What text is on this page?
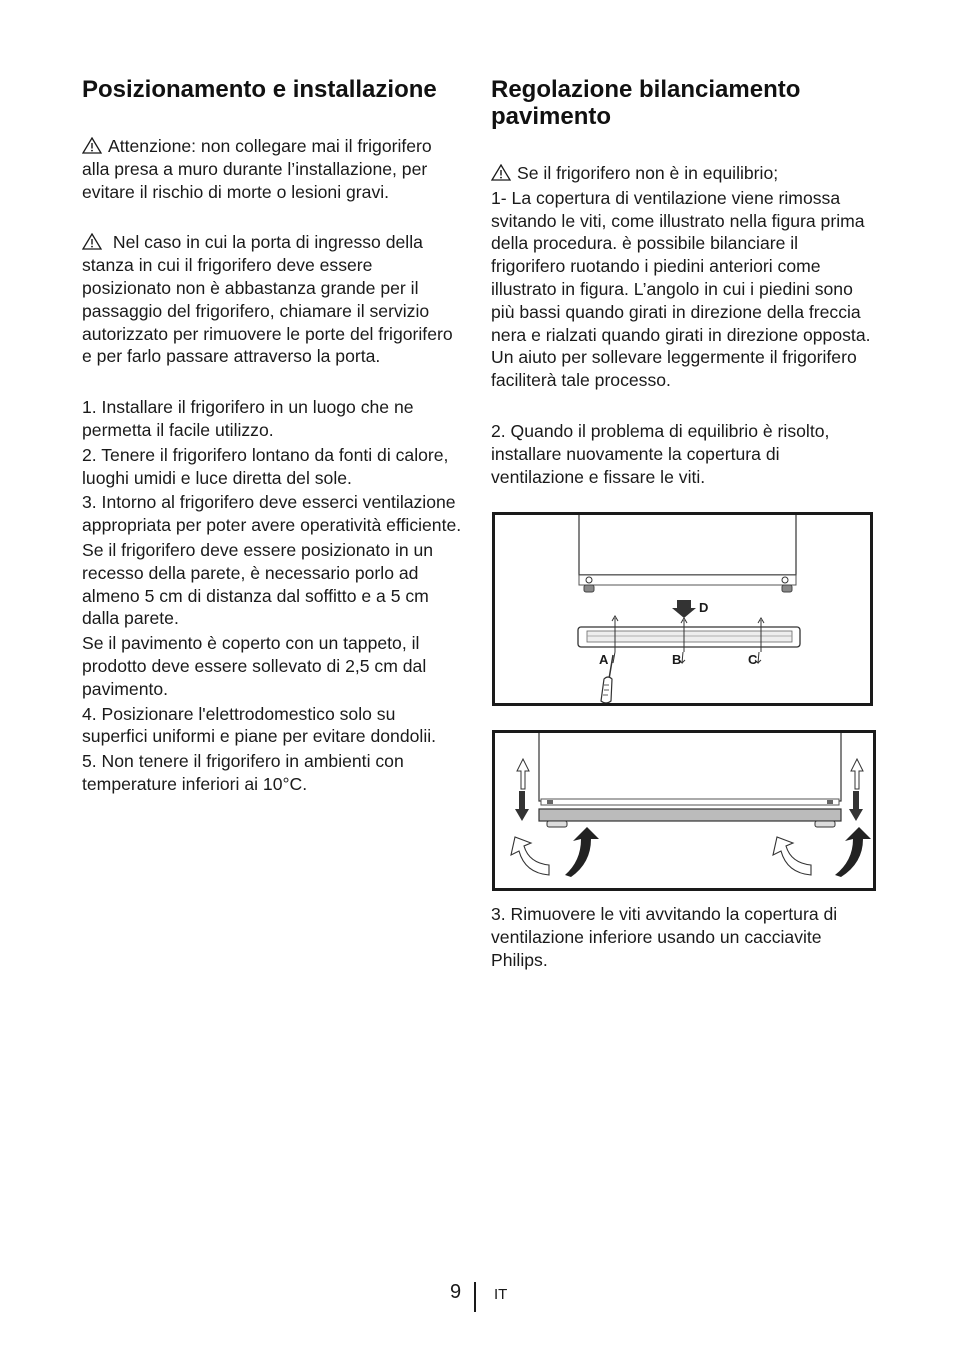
Posizionamento e installazione

Attenzione: non collegare mai il frigorifero alla presa a muro durante l’installazione, per evitare il rischio di morte o lesioni gravi.

Nel caso in cui la porta di ingresso della stanza in cui il frigorifero deve essere posizionato non è abbastanza grande per il passaggio del frigorifero, chiamare il servizio autorizzato per rimuovere le porte del frigorifero e per farlo passare attraverso la porta.

1. Installare il frigorifero in un luogo che ne permetta il facile utilizzo.

2. Tenere il frigorifero lontano da fonti di calore, luoghi umidi e luce diretta del sole.

3. Intorno al frigorifero deve esserci ventilazione appropriata per poter avere operatività efficiente.

Se il frigorifero deve essere posizionato in un recesso della parete, è necessario porlo ad almeno 5 cm di distanza dal soffitto e a 5 cm dalla parete.

Se il pavimento è coperto con un tappeto, il prodotto deve essere sollevato di 2,5 cm dal pavimento.

4. Posizionare l'elettrodomestico solo su superfici uniformi e piane per evitare dondolii.

5. Non tenere il frigorifero in ambienti con temperature inferiori ai 10°C.

Regolazione bilanciamento pavimento

Se il frigorifero non è in equilibrio;

1- La copertura di ventilazione viene rimossa svitando le viti, come illustrato nella figura prima della procedura. è possibile bilanciare il frigorifero ruotando i piedini anteriori come illustrato in figura. L’angolo in cui i piedini sono più bassi quando girati in direzione della freccia nera e rialzati quando girati in direzione opposta. Un aiuto per sollevare leggermente il frigorifero faciliterà tale processo.

2. Quando il problema di equilibrio è risolto, installare nuovamente la copertura di ventilazione e fissare le viti.

D
A	B	C

3. Rimuovere le viti avvitando la copertura di ventilazione inferiore usando un cacciavite Philips.

9 IT
